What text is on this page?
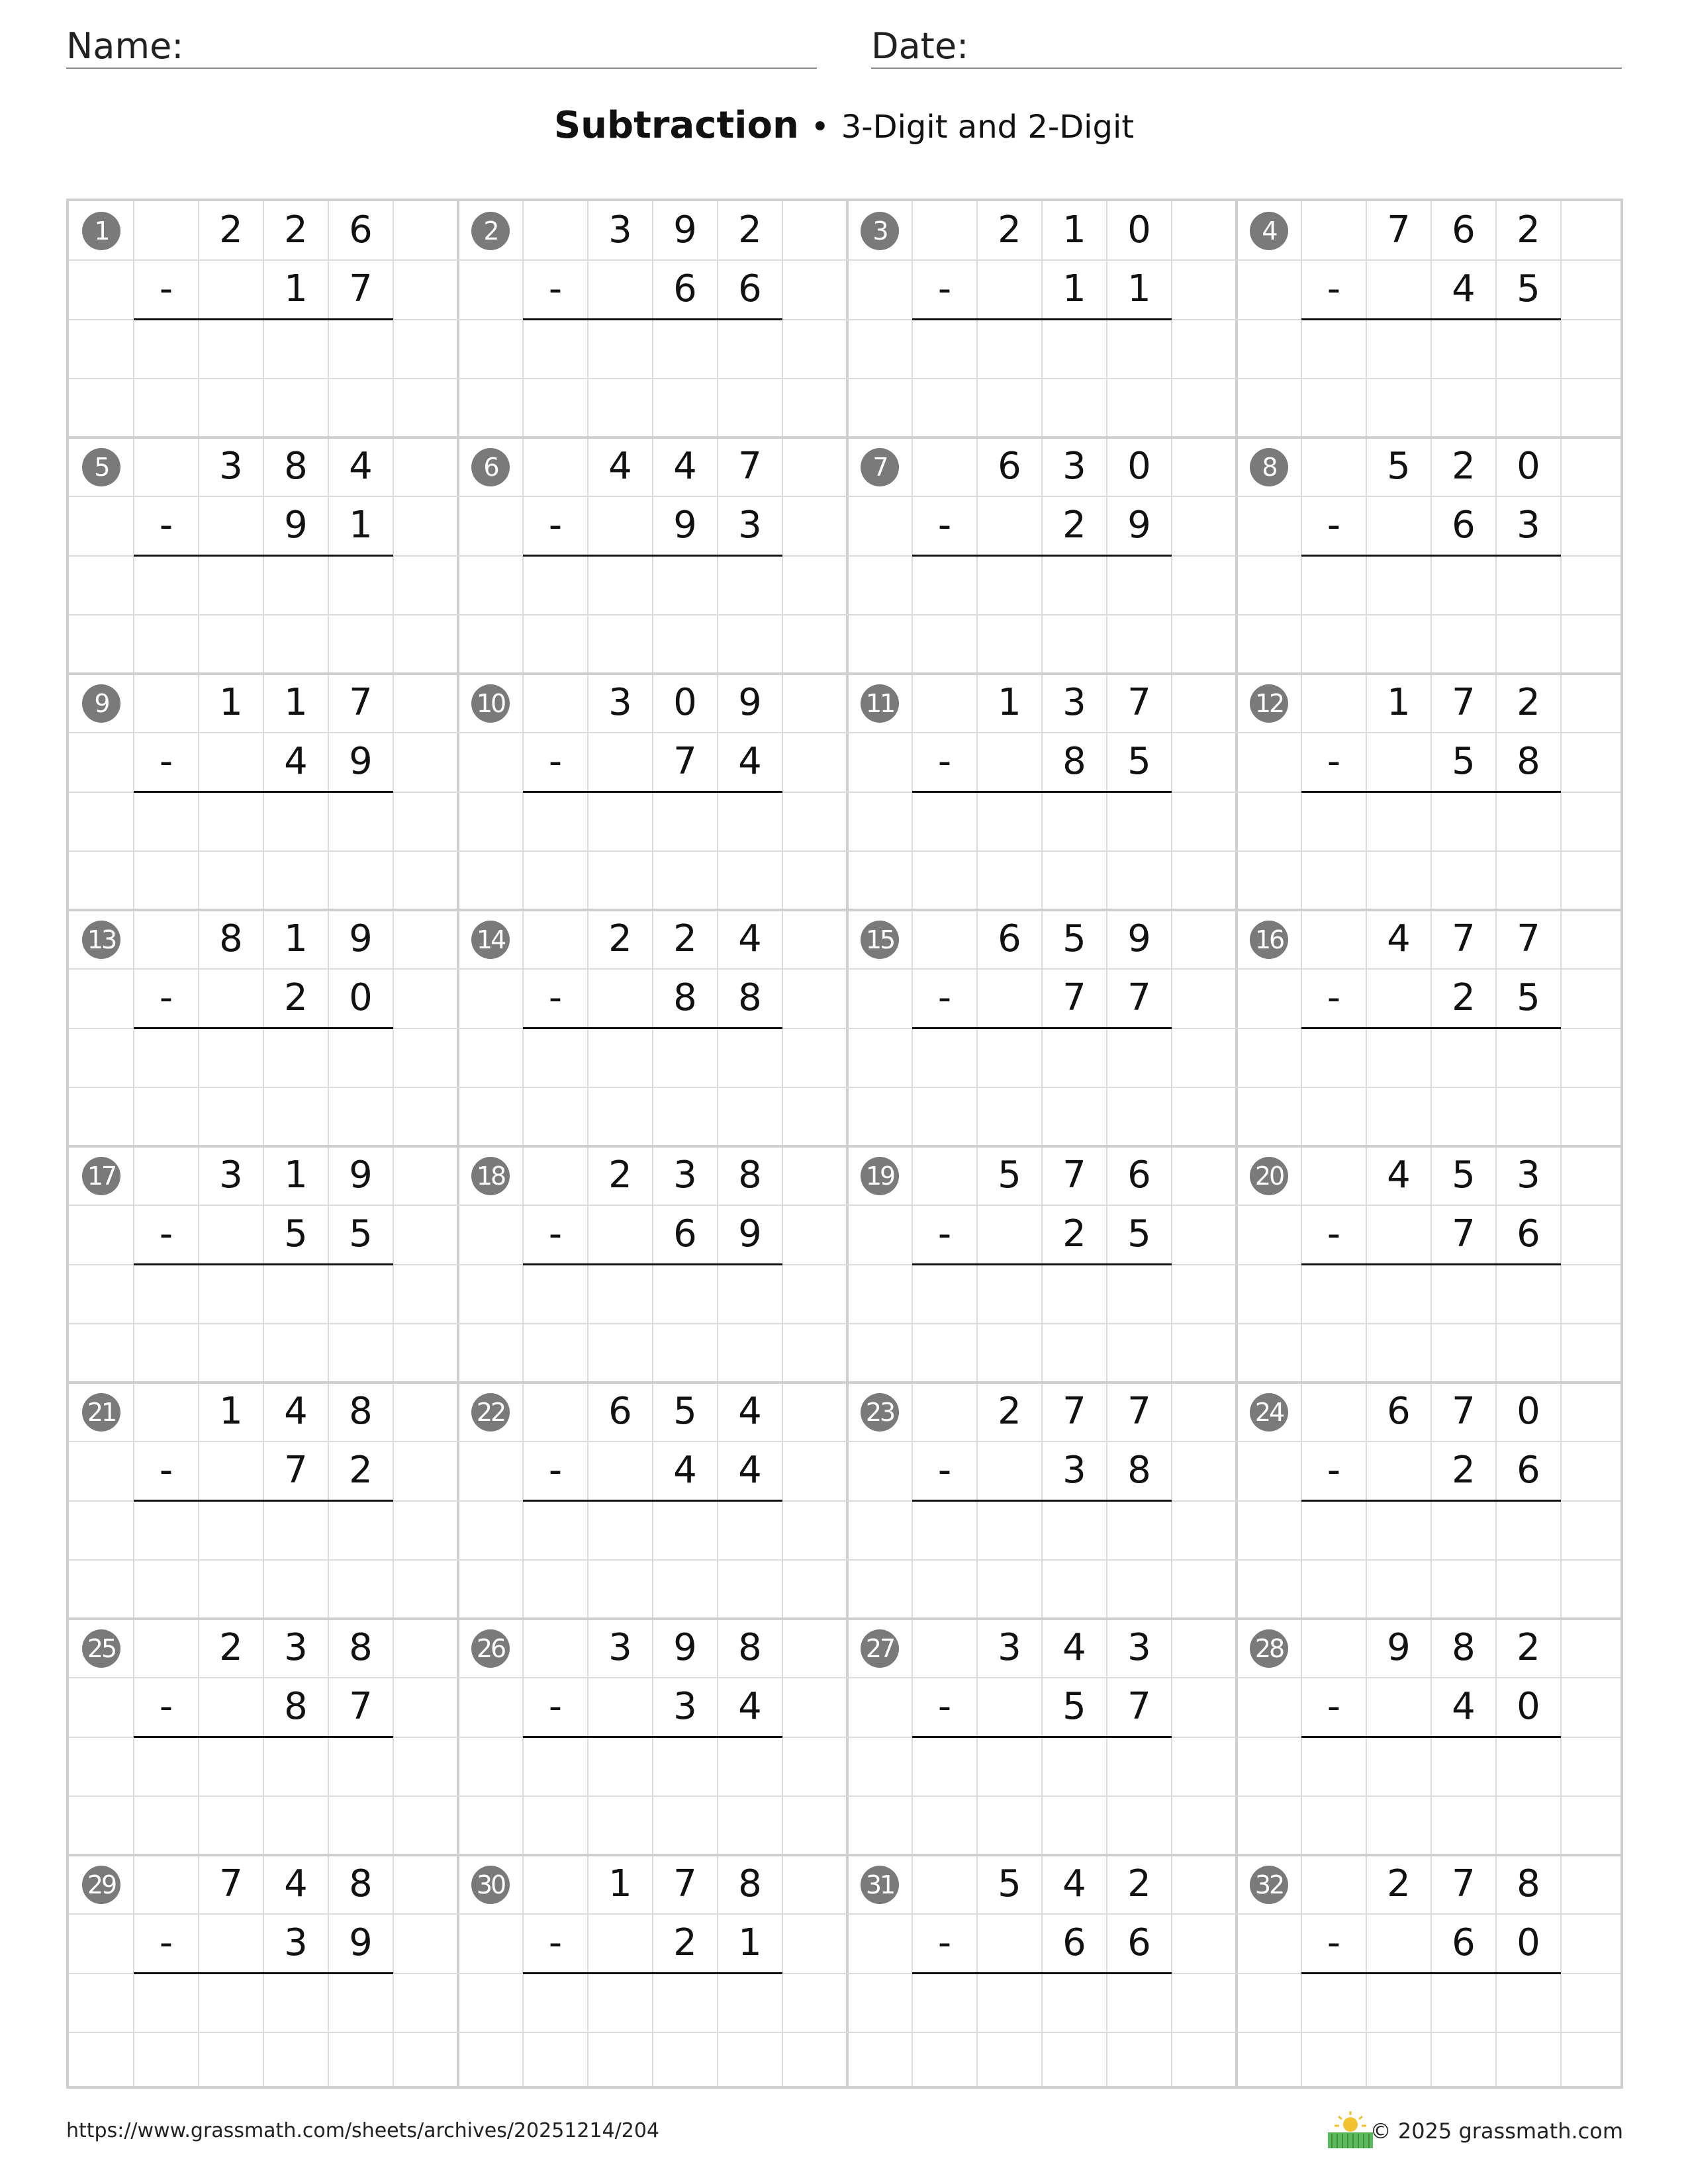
Name:	Date:
Subtraction • 3-Digit and 2-Digit
1	2	2	6
1	7
-
2	3	9	2
6	6
-
3	2	1	0
1	1
-
4	7	6	2
4	5
-
5	3	8	4
9	1
-
6	4	4	7
9	3
-
7	6	3	0
2	9
-
8	5	2	0
6	3
-
9	1	1	7
4	9
-
10	3	0	9
7	4
-
11	1	3	7
8	5
-
12	1	7	2
5	8
-
13	8	1	9
2	0
-
14	2	2	4
8	8
-
15	6	5	9
7	7
-
16	4	7	7
2	5
-
17	3	1	9
5	5
-
18	2	3	8
6	9
-
19	5	7	6
2	5
-
20	4	5	3
7	6
-
21	1	4	8
7	2
-
22	6	5	4
4	4
-
23	2	7	7
3	8
-
24	6	7	0
2	6
-
25	2	3	8
8	7
-
26	3	9	8
3	4
-
27	3	4	3
5	7
-
28	9	8	2
4	0
-
29	7	4	8
3	9
-
30	1	7	8
2	1
-
31	5	4	2
6	6
-
32	2	7	8
6	0
-
https://www.grassmath.com/sheets/archives/20251214/204	© 2025 grassmath.com
